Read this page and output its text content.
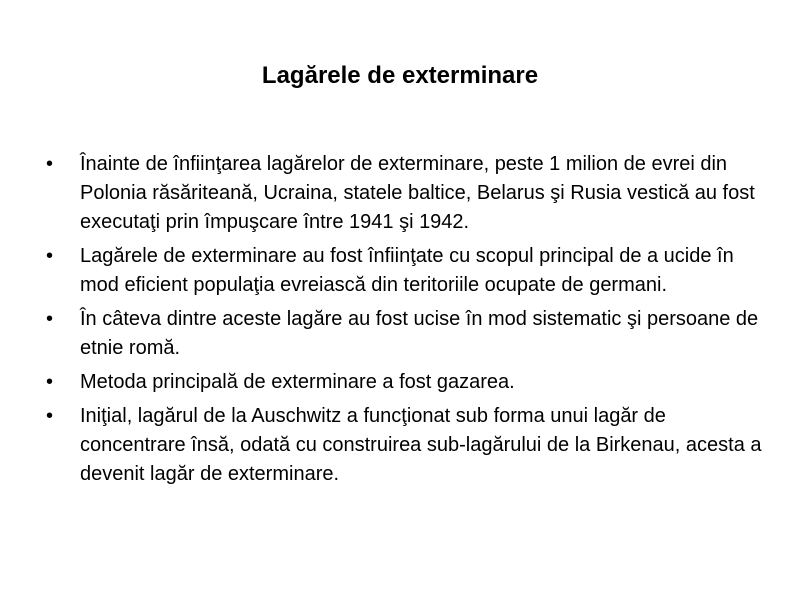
Lagărele de exterminare
•	Înainte de înfiinţarea lagărelor de exterminare, peste 1 milion de evrei din Polonia răsăriteană, Ucraina, statele baltice, Belarus şi Rusia vestică au fost executaţi prin împuşcare între 1941 şi 1942.
•	Lagărele de exterminare au fost înfiinţate cu scopul principal de a ucide în mod eficient populaţia evreiască din teritoriile ocupate de germani.
•	În câteva dintre aceste lagăre au fost ucise în mod sistematic şi persoane de etnie romă.
•	Metoda principală de exterminare a fost gazarea.
•	Iniţial, lagărul de la Auschwitz a funcţionat sub forma unui lagăr de concentrare însă, odată cu construirea sub-lagărului de la Birkenau, acesta a devenit lagăr de exterminare.
